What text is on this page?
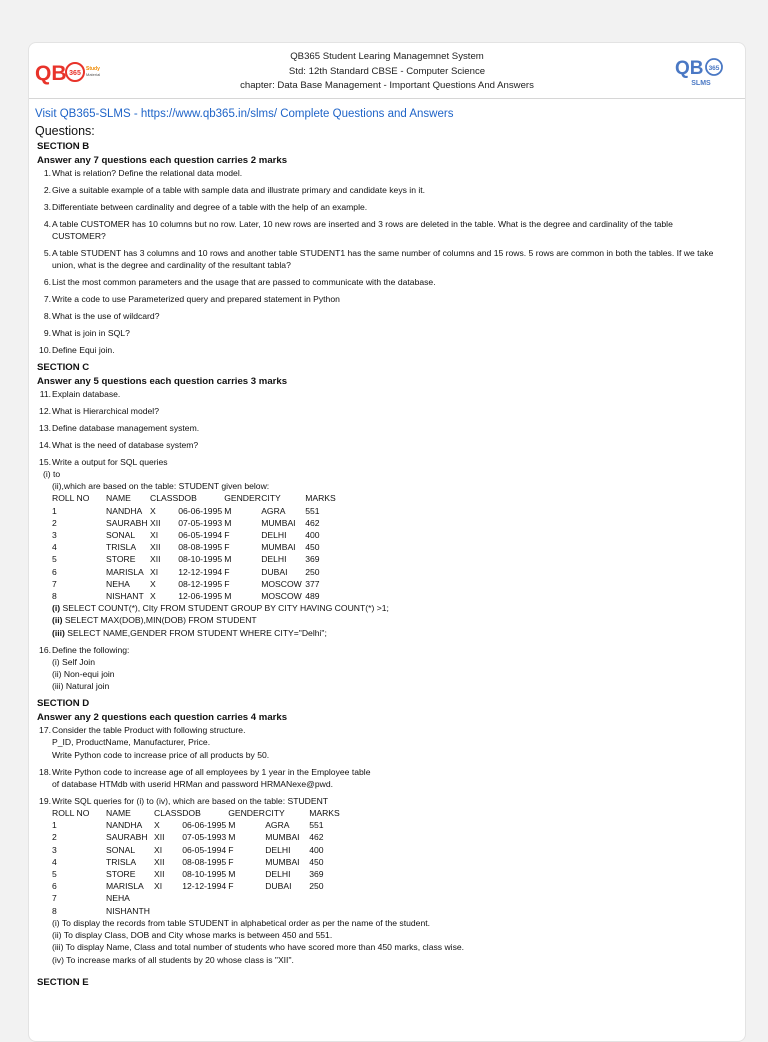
QB 365
Study
Material
QB365 Student Learing Managemnet System
Std: 12th Standard CBSE - Computer Science
chapter: Data Base Management - Important Questions And Answers
QB 365
SLMS
Visit QB365-SLMS - https://www.qb365.in/slms/ Complete Questions and Answers
Questions:
SECTION B
Answer any 7 questions each question carries 2 marks
1. What is relation? Define the relational data model.
2. Give a suitable example of a table with sample data and illustrate primary and candidate keys in it.
3. Differentiate between cardinality and degree of a table with the help of an example.
4. A table CUSTOMER has 10 columns but no row. Later, 10 new rows are inserted and 3 rows are deleted in the table. What is the degree and cardinality of the table CUSTOMER?
5. A table STUDENT has 3 columns and 10 rows and another table STUDENT1 has the same number of columns and 15 rows. 5 rows are common in both the tables. If we take union, what is the degree and cardinality of the resultant tabla?
6. List the most common parameters and the usage that are passed to communicate with the database.
7. Write a code to use Parameterized query and prepared statement in Python
8. What is the use of wildcard?
9. What is join in SQL?
10. Define Equi join.
SECTION C
Answer any 5 questions each question carries 3 marks
11. Explain database.
12. What is Hierarchical model?
13. Define database management system.
14. What is the need of database system?
15. Write a output for SQL queries
(i) to
(ii),which are based on the table: STUDENT given below:
ROLL NO	NAME	CLASS	DOB	GENDER	CITY	MARKS
1	NANDHA	X	06-06-1995	M	AGRA	551
2	SAURABH	XII	07-05-1993	M	MUMBAI	462
3	SONAL	XI	06-05-1994	F	DELHI	400
4	TRISLA	XII	08-08-1995	F	MUMBAI	450
5	STORE	XII	08-10-1995	M	DELHI	369
6	MARISLA	XI	12-12-1994	F	DUBAI	250
7	NEHA	X	08-12-1995	F	MOSCOW	377
8	NISHANT	X	12-06-1995	M	MOSCOW	489
(i) SELECT COUNT(*), CIty FROM STUDENT GROUP BY CITY HAVING COUNT(*) >1;
(ii) SELECT MAX(DOB),MIN(DOB) FROM STUDENT
(iii) SELECT NAME,GENDER FROM STUDENT WHERE CITY="Delhi";
16. Define the following:
(i) Self Join
(ii) Non-equi join
(iii) Natural join
SECTION D
Answer any 2 questions each question carries 4 marks
17. Consider the table Product with following structure.
P_ID, ProductName, Manufacturer, Price.
Write Python code to increase price of all products by 50.
18. Write Python code to increase age of all employees by 1 year in the Employee table
of database HTMdb with userid HRMan and password HRMANexe@pwd.
19. Write SQL queries for (i) to (iv), which are based on the table: STUDENT
ROLL NO	NAME	CLASS	DOB	GENDER	CITY	MARKS
1	NANDHA	X	06-06-1995	M	AGRA	551
2	SAURABH	XII	07-05-1993	M	MUMBAI	462
3	SONAL	XI	06-05-1994	F	DELHI	400
4	TRISLA	XII	08-08-1995	F	MUMBAI	450
5	STORE	XII	08-10-1995	M	DELHI	369
6	MARISLA	XI	12-12-1994	F	DUBAI	250
7	NEHA					
8	NISHANTH					
(i) To display the records from table STUDENT in alphabetical order as per the name of the student.
(ii) To display Class, DOB and City whose marks is between 450 and 551.
(iii) To display Name, Class and total number of students who have scored more than 450 marks, class wise.
(iv) To increase marks of all students by 20 whose class is "XII".
SECTION E
